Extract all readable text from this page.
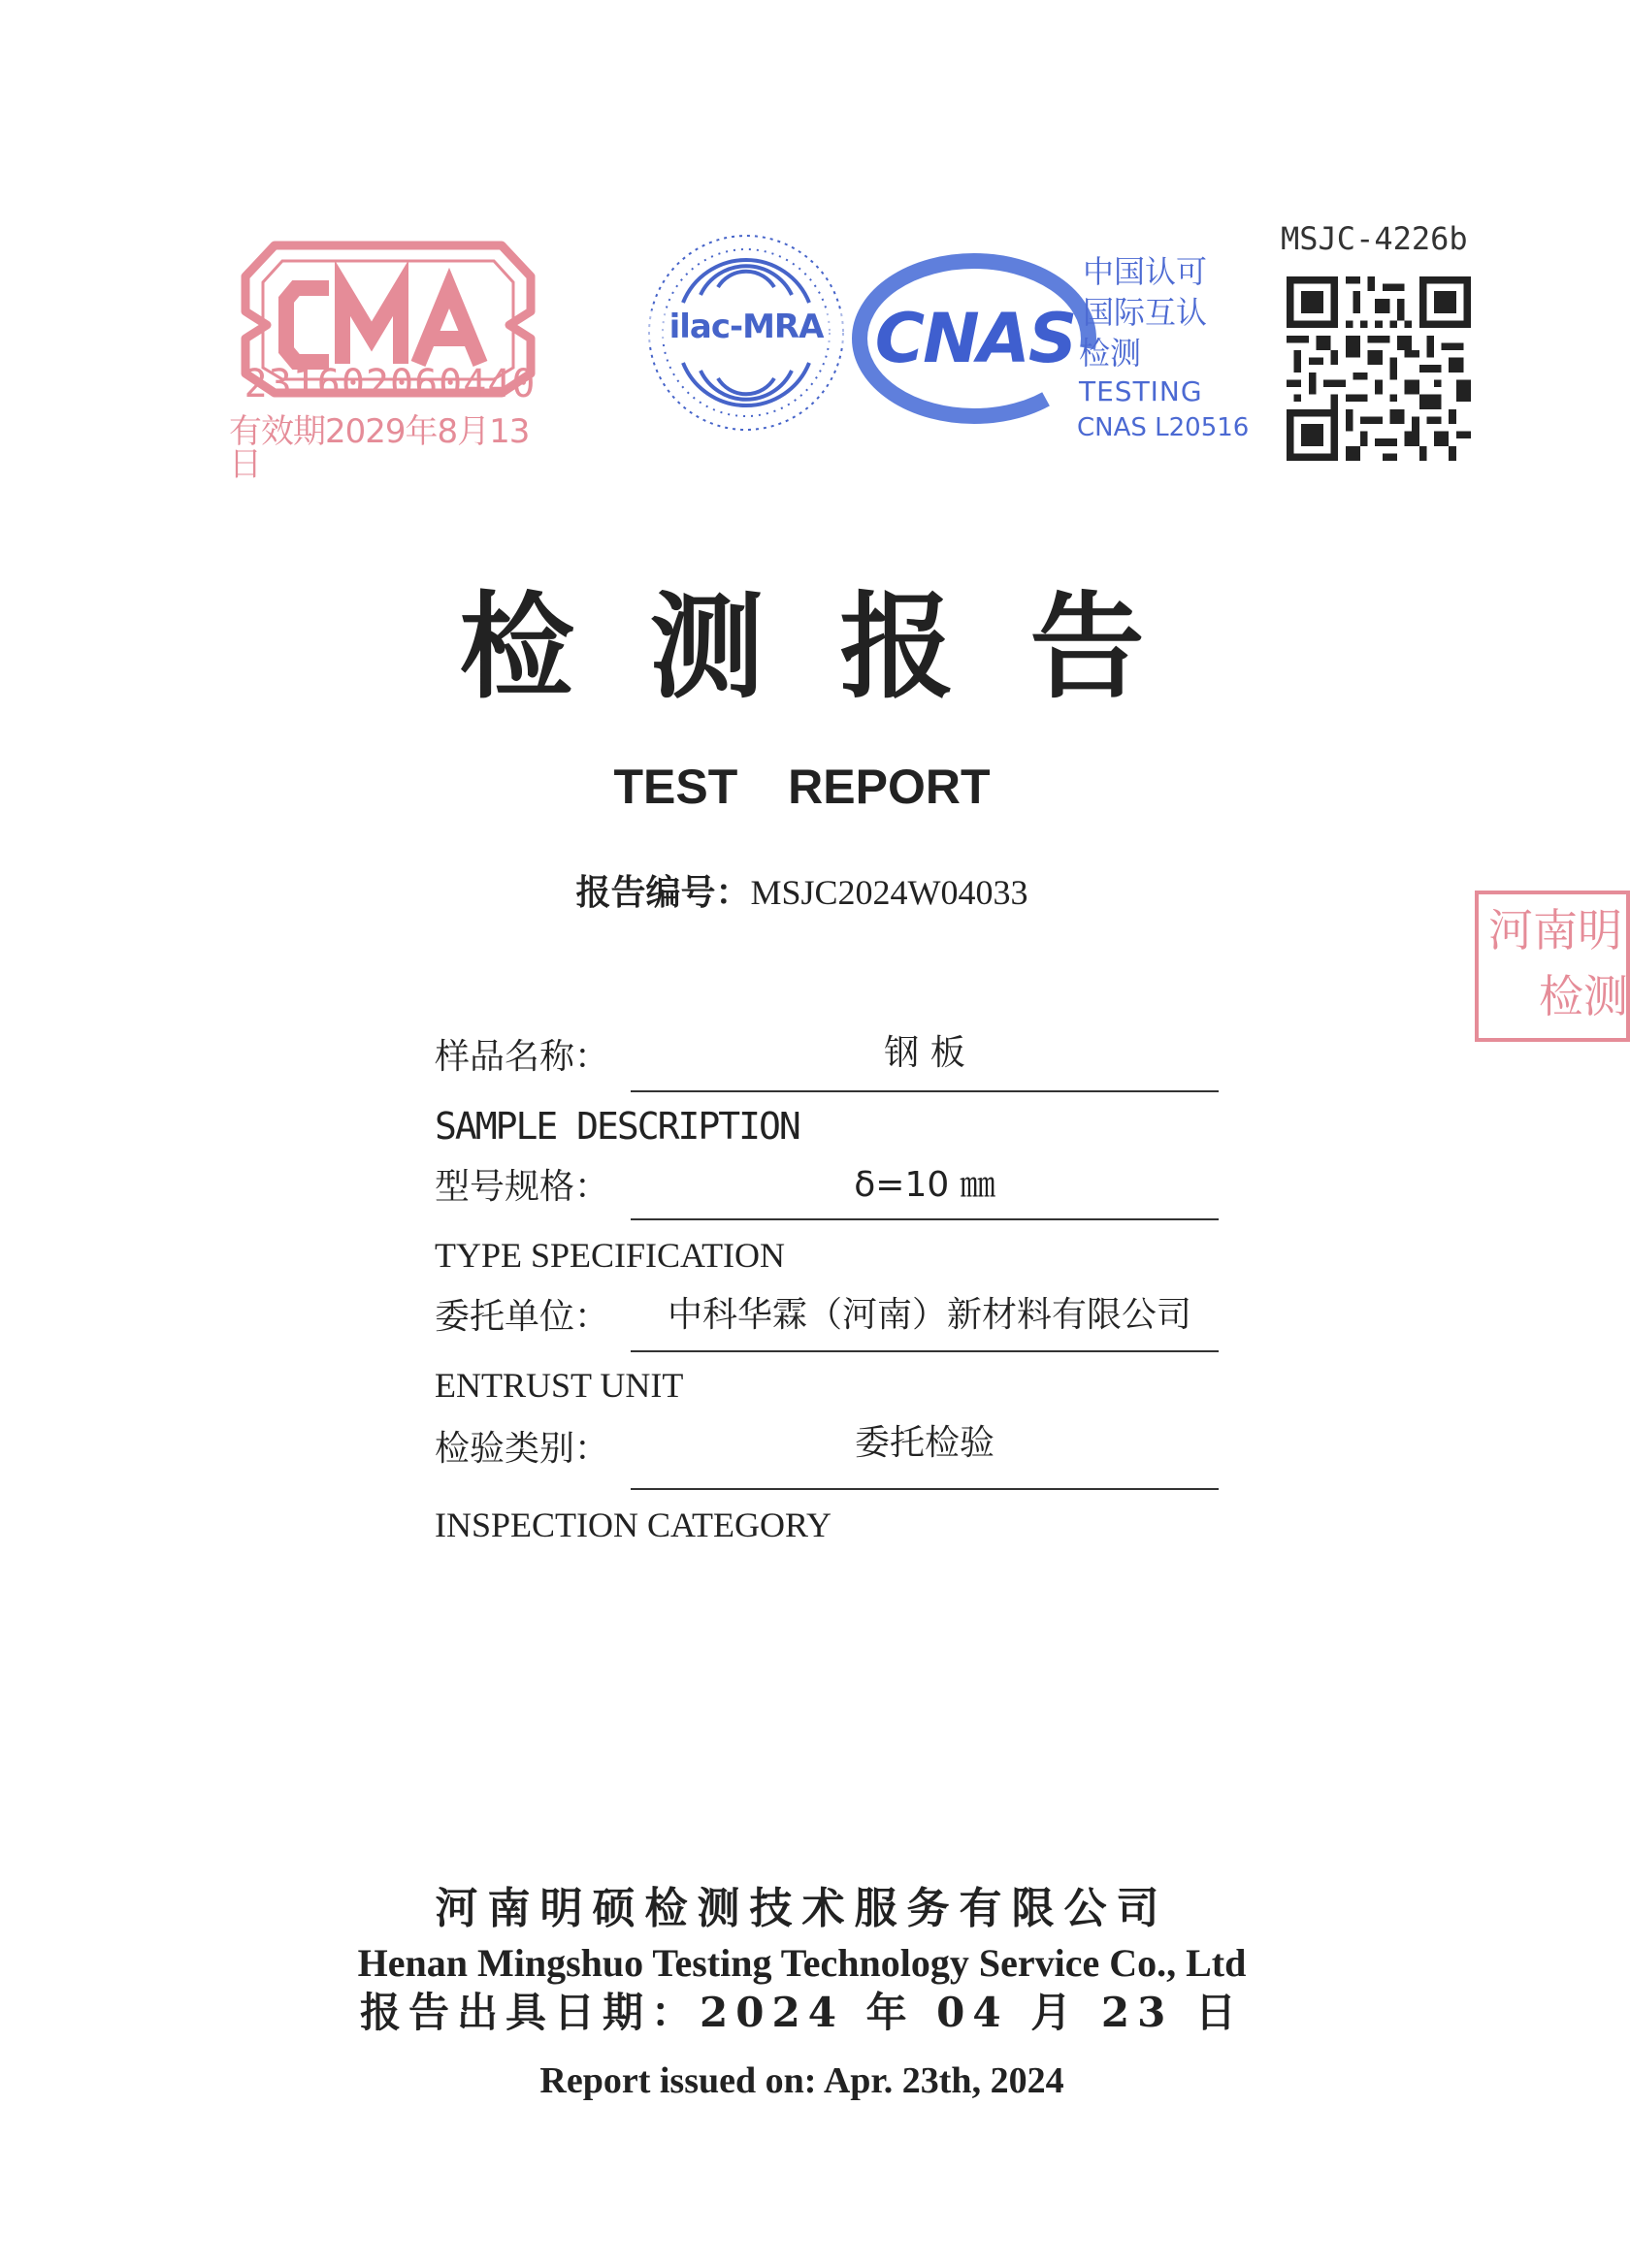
231602060440
有效期2029年8月13日
ilac-MRA CNAS
中国认可
国际互认
检测
TESTING
CNAS L20516
MSJC-4226b
检测报告
TEST REPORT
报告编号：MSJC2024W04033
河南明
检测
样品名称：	钢 板
SAMPLE DESCRIPTION
型号规格：	δ=10 ㎜
TYPE SPECIFICATION
委托单位：	中科华霖（河南）新材料有限公司
ENTRUST UNIT
检验类别：	委托检验
INSPECTION CATEGORY
河南明硕检测技术服务有限公司
Henan Mingshuo Testing Technology Service Co., Ltd
报告出具日期：2024 年 04 月 23 日
Report issued on: Apr. 23th, 2024
